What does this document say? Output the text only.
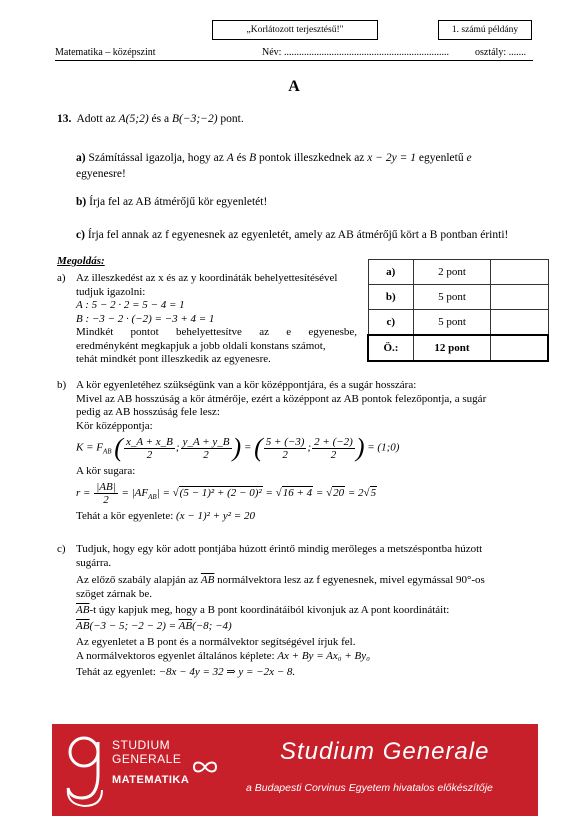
„Korlátozott terjesztésű!"	1. számú példány
Matematika – középszint	Név: ..................................................................	osztály: .......
A
13. Adott az A(5;2) és a B(−3;−2) pont.
a) Számítással igazolja, hogy az A és B pontok illeszkednek az x − 2y = 1 egyenletű e
egyenesre!
b) Írja fel az AB átmérőjű kör egyenletét!
c) Írja fel annak az f egyenesnek az egyenletét, amely az AB átmérőjű kört a B pontban érinti!
Megoldás:
a)	2 pont	
b)	5 pont	
c)	5 pont	
Ö.:	12 pont	
a) Az illeszkedést az x és az y koordináták behelyettesítésével
tudjuk igazolni:
A : 5 − 2 · 2 = 5 − 4 = 1
B : −3 − 2 · (−2) = −3 + 4 = 1
Mindkét pontot behelyettesítve az e egyenesbe,
eredményként megkapjuk a jobb oldali konstans számot,
tehát mindkét pont illeszkedik az egyenesre.
b) A kör egyenletéhez szükségünk van a kör középpontjára, és a sugár hosszára:
Mivel az AB hosszúság a kör átmérője, ezért a középpont az AB pontok felezőpontja, a sugár
pedig az AB hosszúság fele lesz:
Kör középpontja:
$K = F_{AB}$ ( $\frac{x\_A + x\_B}{2}$ ; $\frac{y\_A + y\_B}{2}$ ) = ( $\frac{5 + (-3)}{2}$ ; $\frac{2 + (-2)}{2}$ ) = (1;0)
A kör sugara:
$r = \frac{|AB|}{2} = |AF_{AB}| = √(5 - 1)^2 + (2 - 0)^2 = √16 + 4 = √20 = 2√5$
Tehát a kör egyenlete: (x − 1)² + y² = 20
c) Tudjuk, hogy egy kör adott pontjába húzott érintő mindig merőleges a metszéspontba húzott
sugárra.
Az előző szabály alapján az $\overline{AB}$ normálvektora lesz az f egyenesnek, mivel egymással 90°-os
szöget zárnak be.
$\overline{AB}-t$ úgy kapjuk meg, hogy a B pont koordinátáiból kivonjuk az A pont koordinátáit:
$\overline{AB}(-3 - 5$; $-2 - 2) = \overline{AB}(-8$; −4)
Az egyenletet a B pont és a normálvektor segítségével írjuk fel.
A normálvektoros egyenlet általános képlete: Ax + By = Ax₀ + By₀
Tehát az egyenlet: −8x − 4y = 32 ⇒ y = −2x − 8.
STUDIUM
GENERALE
MATEMATIKA
Studium Generale
a Budapesti Corvinus Egyetem hivatalos előkészítője
